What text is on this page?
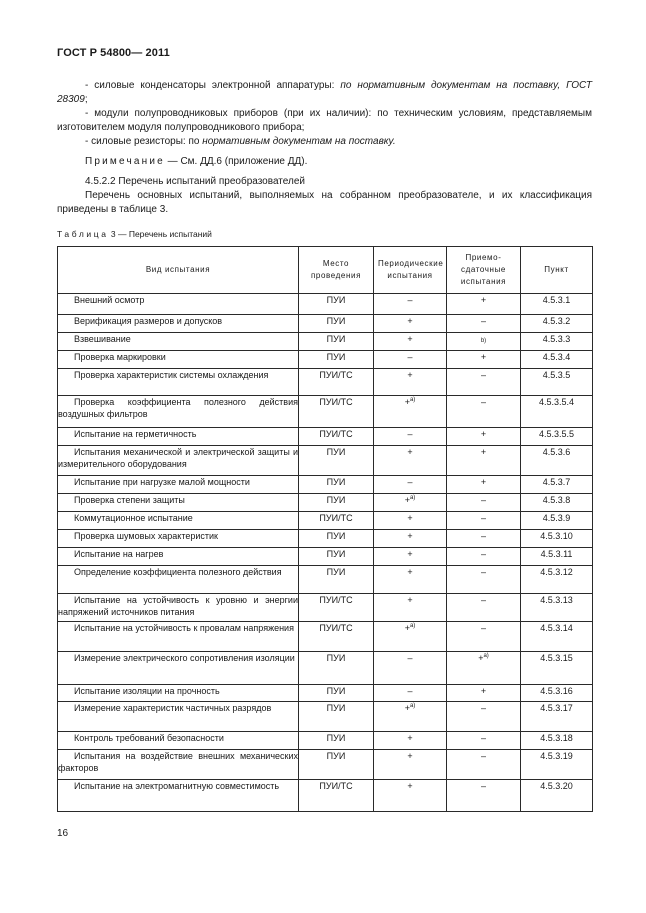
ГОСТ Р 54800— 2011

- силовые конденсаторы электронной аппаратуры: по нормативным документам на поставку, ГОСТ 28309;

- модули полупроводниковых приборов (при их наличии): по техническим условиям, представляемым изготовителем модуля полупроводникового прибора;

- силовые резисторы: по нормативным документам на поставку.

Примечание — См. ДД.6 (приложение ДД).

4.5.2.2 Перечень испытаний преобразователей

Перечень основных испытаний, выполняемых на собранном преобразователе, и их классификация приведены в таблице 3.

Таблица 3 — Перечень испытаний
Вид испытания	Место проведения	Периодические испытания	Приемо-сдаточные испытания	Пункт

Внешний осмотр	ПУИ	–	+	4.5.3.1

Верификация размеров и допусков	ПУИ	+	–	4.5.3.2

Взвешивание	ПУИ	+	b)	4.5.3.3

Проверка маркировки	ПУИ	–	+	4.5.3.4

Проверка характеристик системы охлаждения	ПУИ/ТС	+	–	4.5.3.5

Проверка коэффициента полезного действия воздушных фильтров	ПУИ/ТС	+$^{a)}$	–	4.5.3.5.4

Испытание на герметичность	ПУИ/ТС	–	+	4.5.3.5.5

Испытания механической и электрической защиты и измерительного оборудования	ПУИ	+	+	4.5.3.6

Испытание при нагрузке малой мощности	ПУИ	–	+	4.5.3.7

Проверка степени защиты	ПУИ	+$^{a)}$	–	4.5.3.8

Коммутационное испытание	ПУИ/ТС	+	–	4.5.3.9

Проверка шумовых характеристик	ПУИ	+	–	4.5.3.10

Испытание на нагрев	ПУИ	+	–	4.5.3.11

Определение коэффициента полезного действия	ПУИ	+	–	4.5.3.12

Испытание на устойчивость к уровню и энергии напряжений источников питания	ПУИ/ТС	+	–	4.5.3.13

Испытание на устойчивость к провалам напряжения	ПУИ/ТС	+$^{a)}$	–	4.5.3.14

Измерение электрического сопротивления изоляции	ПУИ	–	+$^{a)}$	4.5.3.15

Испытание изоляции на прочность	ПУИ	–	+	4.5.3.16

Измерение характеристик частичных разрядов	ПУИ	+$^{a)}$	–	4.5.3.17

Контроль требований безопасности	ПУИ	+	–	4.5.3.18

Испытания на воздействие внешних механических факторов	ПУИ	+	–	4.5.3.19

Испытание на электромагнитную совместимость	ПУИ/ТС	+	–	4.5.3.20
16
